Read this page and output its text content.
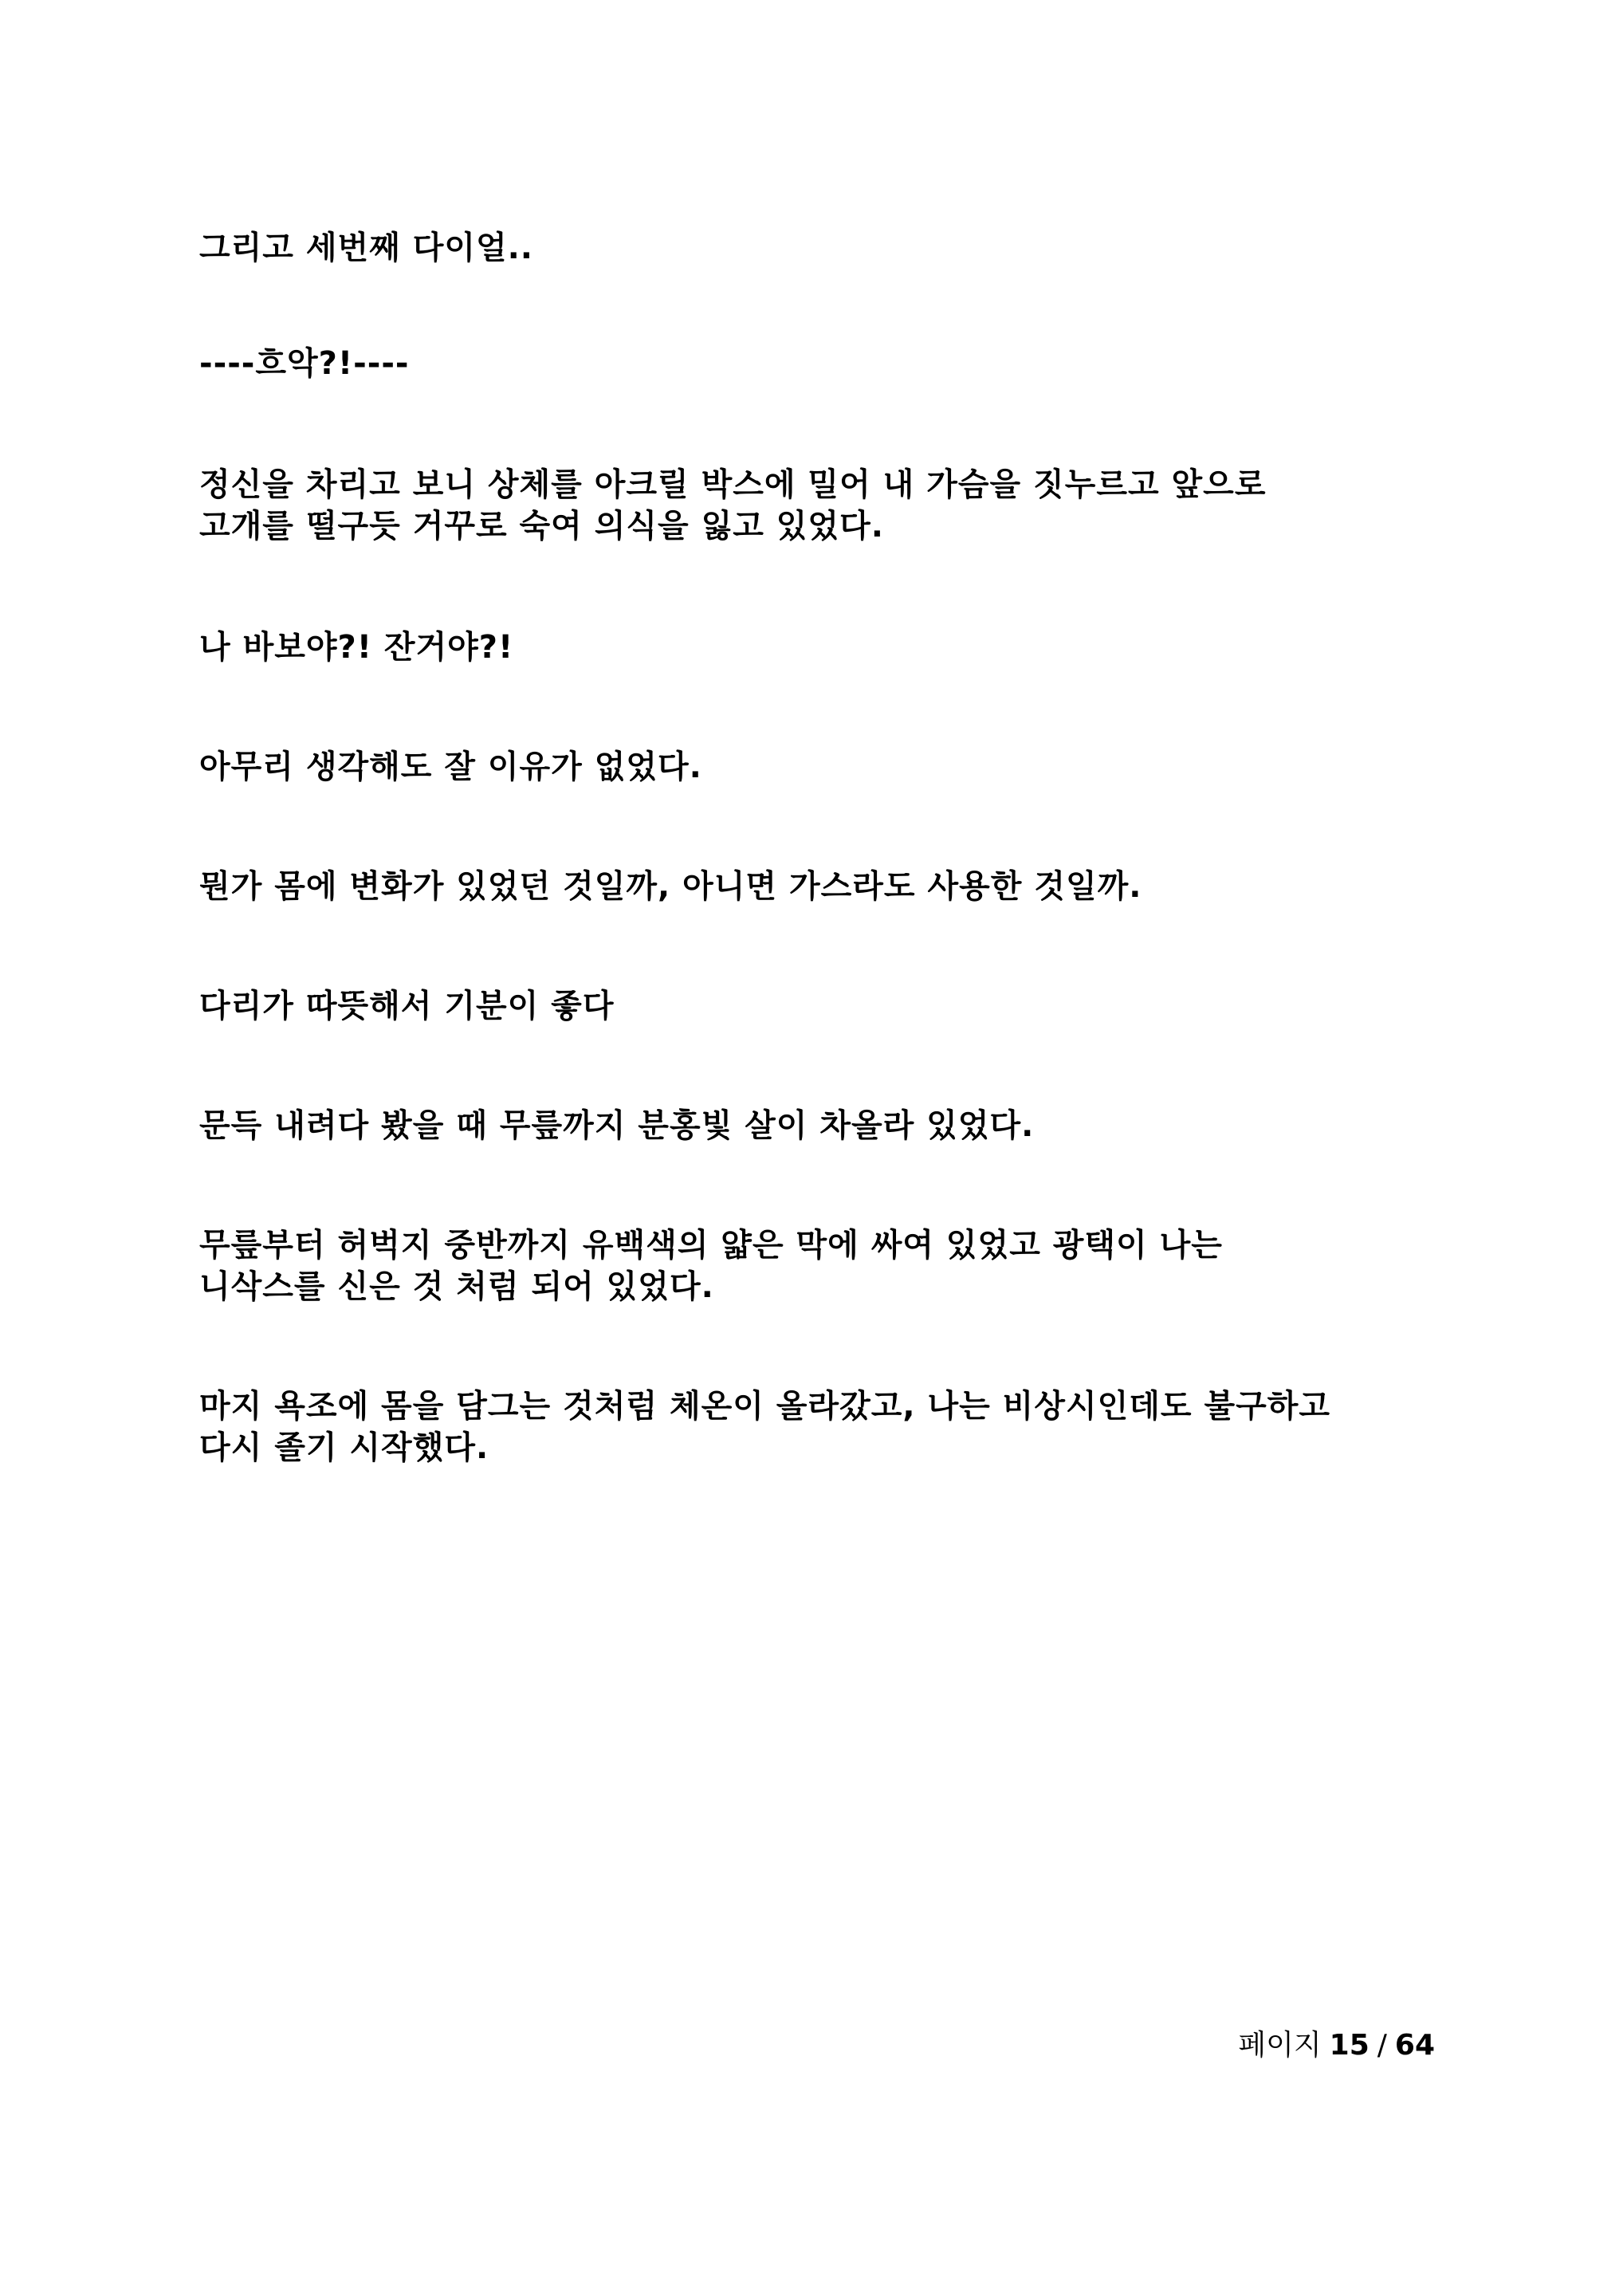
그리고 세번째 다이얼..

----흐악?!----

정신을 차리고 보니 상체를 아크릴 박스에 밀어 내 가슴을 짓누르고 앞으로
고개를 떨구듯 거꾸로 숙여 의식을 잃고 있었다.

나 바보야?! 잔거야?!

아무리 생각해도 잘 이유가 없었다.

뭔가 몸에 변화가 있었던 것일까, 아니면 가스라도 사용한 것일까.

다리가 따뜻해서 기분이 좋다

문득 내려다 봤을 때 무릎까지 분홍빛 살이 차올라 있었다.

무릎부터 허벅지 중반까지 유백색의 얇은 막에 싸여 있었고 광택이 나는
니삭스를 신은 것 처럼 되어 있었다.

마지 욕조에 몸을 담그는 것처럼 체온이 올라갔고, 나는 비상시인데도 불구하고
다시 졸기 시작했다.

페이지 15 / 64
